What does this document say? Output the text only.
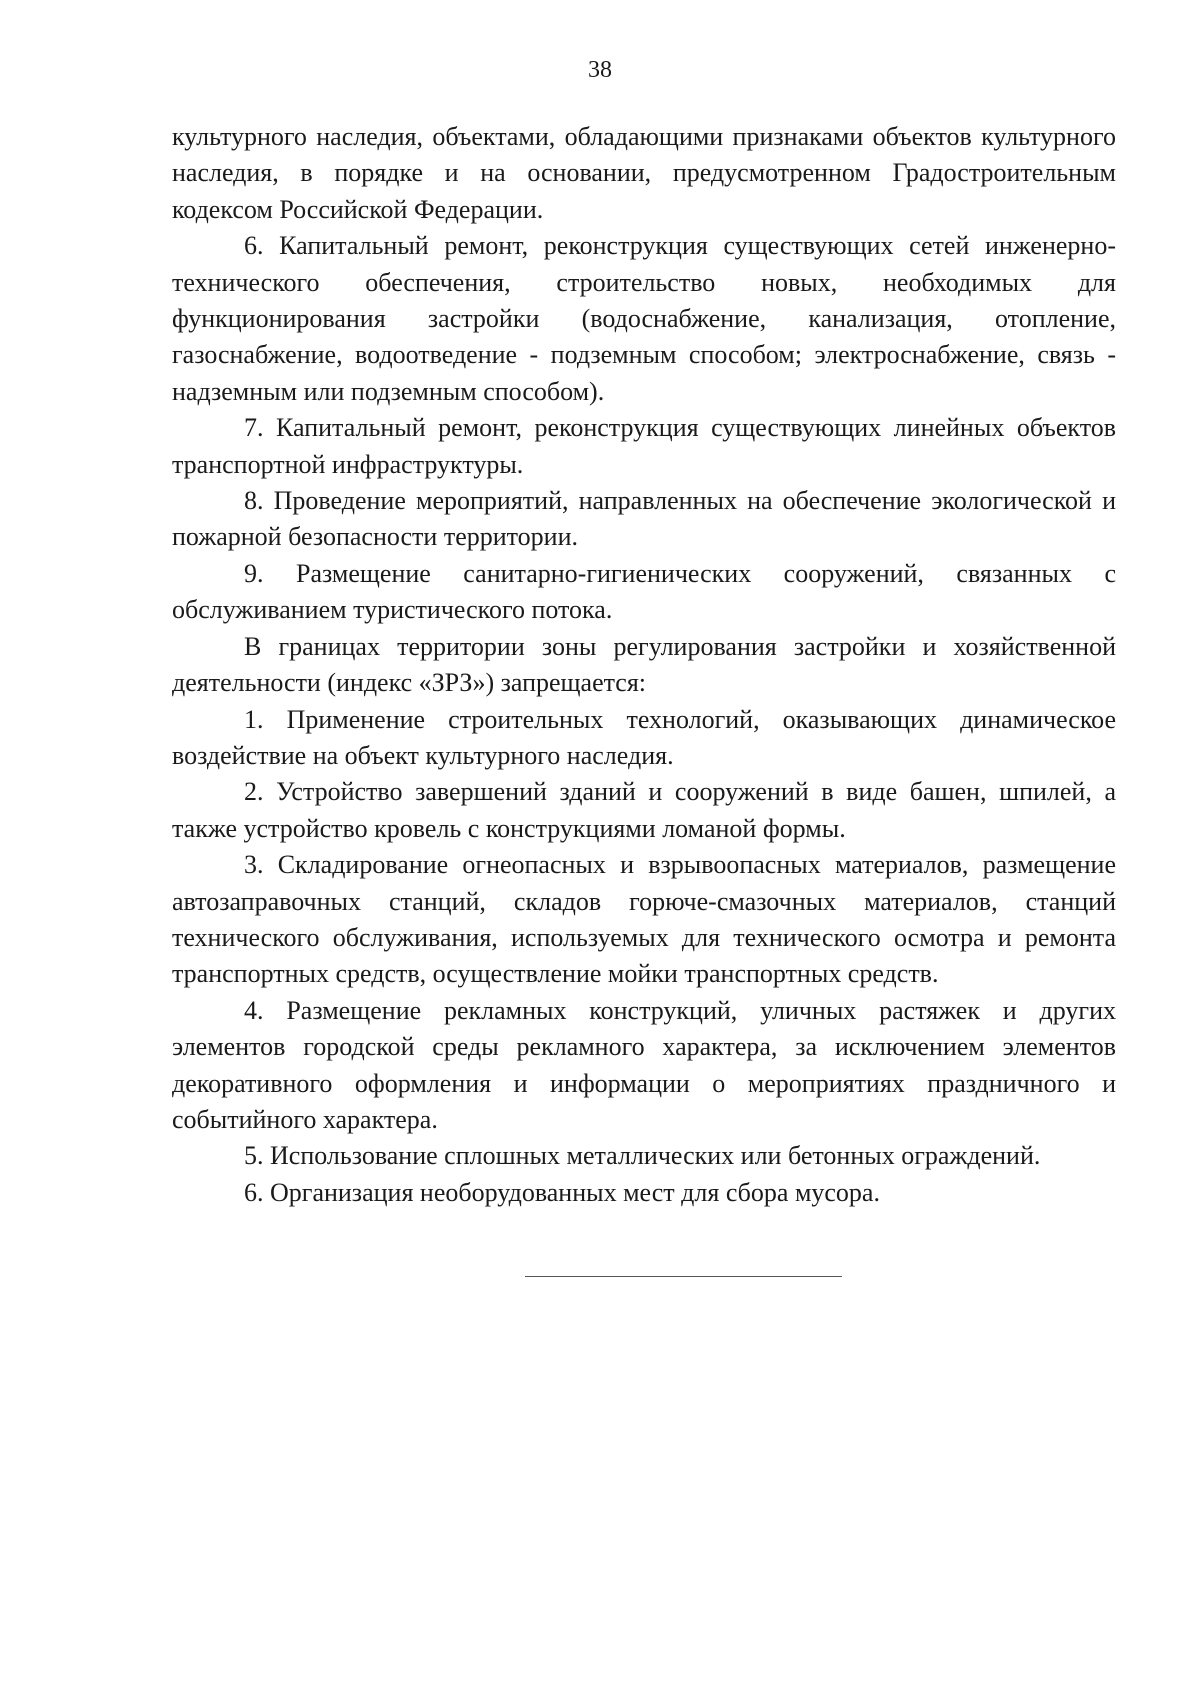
38

культурного наследия, объектами, обладающими признаками объектов культурного наследия, в порядке и на основании, предусмотренном Градостроительным кодексом Российской Федерации.

6. Капитальный ремонт, реконструкция существующих сетей инженерно-технического обеспечения, строительство новых, необходимых для функционирования застройки (водоснабжение, канализация, отопление, газоснабжение, водоотведение - подземным способом; электроснабжение, связь - надземным или подземным способом).

7. Капитальный ремонт, реконструкция существующих линейных объектов транспортной инфраструктуры.

8. Проведение мероприятий, направленных на обеспечение экологической и пожарной безопасности территории.

9. Размещение санитарно-гигиенических сооружений, связанных с обслуживанием туристического потока.

В границах территории зоны регулирования застройки и хозяйственной деятельности (индекс «ЗРЗ») запрещается:

1. Применение строительных технологий, оказывающих динамическое воздействие на объект культурного наследия.

2. Устройство завершений зданий и сооружений в виде башен, шпилей, а также устройство кровель с конструкциями ломаной формы.

3. Складирование огнеопасных и взрывоопасных материалов, размещение автозаправочных станций, складов горюче-смазочных материалов, станций технического обслуживания, используемых для технического осмотра и ремонта транспортных средств, осуществление мойки транспортных средств.

4. Размещение рекламных конструкций, уличных растяжек и других элементов городской среды рекламного характера, за исключением элементов декоративного оформления и информации о мероприятиях праздничного и событийного характера.

5. Использование сплошных металлических или бетонных ограждений.

6. Организация необорудованных мест для сбора мусора.
